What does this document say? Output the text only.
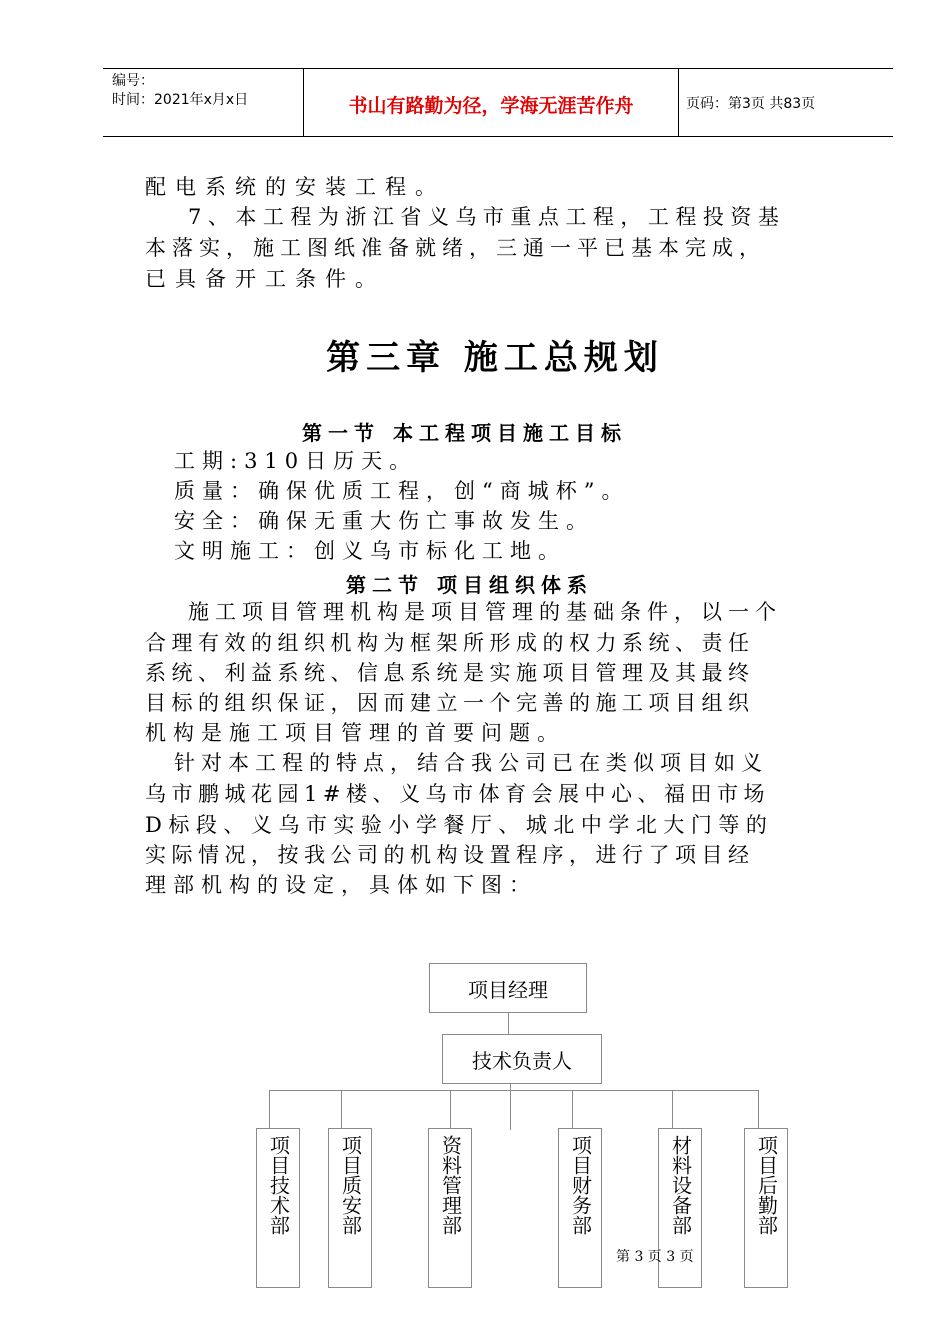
编号：
时间：2021年x月x日	书山有路勤为径，学海无涯苦作舟	页码：第3页 共83页
配电系统的安装工程。
7、本工程为浙江省义乌市重点工程，工程投资基
本落实，施工图纸准备就绪，三通一平已基本完成，
已具备开工条件。
第三章 施工总规划
第一节 本工程项目施工目标
工期:310日历天。
质量：确保优质工程，创“商城杯”。
安全：确保无重大伤亡事故发生。
文明施工：创义乌市标化工地。
第二节 项目组织体系
施工项目管理机构是项目管理的基础条件，以一个
合理有效的组织机构为框架所形成的权力系统、责任
系统、利益系统、信息系统是实施项目管理及其最终
目标的组织保证，因而建立一个完善的施工项目组织
机构是施工项目管理的首要问题。
针对本工程的特点，结合我公司已在类似项目如义
乌市鹏城花园1#楼、义乌市体育会展中心、福田市场
D标段、义乌市实验小学餐厅、城北中学北大门等的
实际情况，按我公司的机构设置程序，进行了项目经
理部机构的设定，具体如下图：
项目经理
技术负责人
项目技术部 项目质安部	资料管理部	项目财务部	材料设备部	项目后勤部
第 3 页 3 页
